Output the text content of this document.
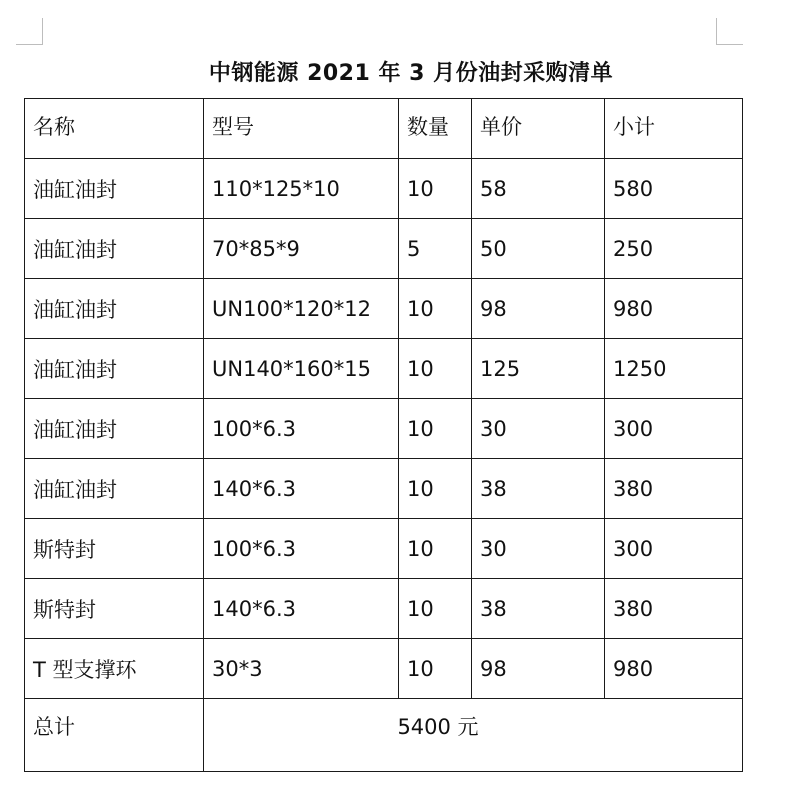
中钢能源 2021 年 3 月份油封采购清单
名称	型号	数量	单价	小计
油缸油封	110*125*10	10	58	580
油缸油封	70*85*9	5	50	250
油缸油封	UN100*120*12	10	98	980
油缸油封	UN140*160*15	10	125	1250
油缸油封	100*6.3	10	30	300
油缸油封	140*6.3	10	38	380
斯特封	100*6.3	10	30	300
斯特封	140*6.3	10	38	380
T 型支撑环	30*3	10	98	980
总计	5400 元			
